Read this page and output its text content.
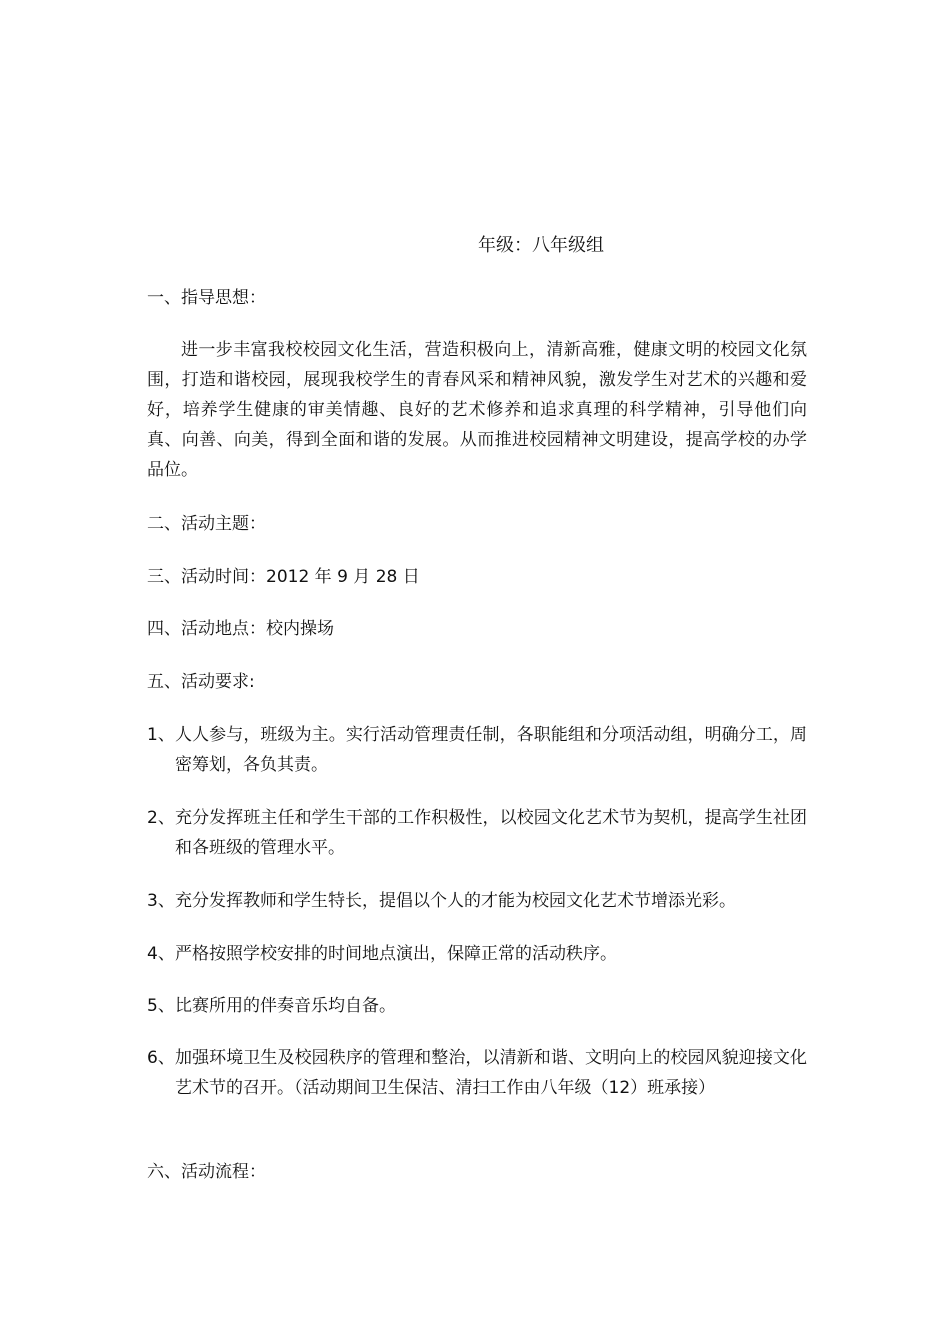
年级：八年级组
一、指导思想：
进一步丰富我校校园文化生活，营造积极向上，清新高雅，健康文明的校园文化氛围，打造和谐校园，展现我校学生的青春风采和精神风貌，激发学生对艺术的兴趣和爱好，培养学生健康的审美情趣、良好的艺术修养和追求真理的科学精神，引导他们向真、向善、向美，得到全面和谐的发展。从而推进校园精神文明建设，提高学校的办学品位。
二、活动主题：
三、活动时间：2012 年 9 月 28 日
四、活动地点：校内操场
五、活动要求:
1、 人人参与，班级为主。实行活动管理责任制，各职能组和分项活动组，明确分工，周密筹划，各负其责。
2、 充分发挥班主任和学生干部的工作积极性，以校园文化艺术节为契机，提高学生社团和各班级的管理水平。
3、 充分发挥教师和学生特长，提倡以个人的才能为校园文化艺术节增添光彩。
4、 严格按照学校安排的时间地点演出，保障正常的活动秩序。
5、 比赛所用的伴奏音乐均自备。
6、 加强环境卫生及校园秩序的管理和整治，以清新和谐、文明向上的校园风貌迎接文化艺术节的召开。（活动期间卫生保洁、清扫工作由八年级（12）班承接）
六、活动流程：
